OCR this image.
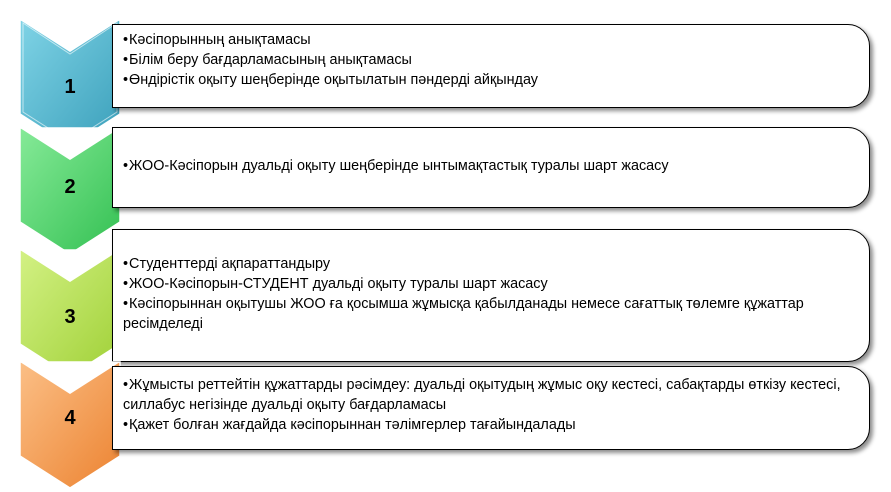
1
• Кәсіпорынның анықтамасы
• Білім беру бағдарламасының анықтамасы
• Өндірістік оқыту шеңберінде оқытылатын пәндерді айқындау
2
• ЖОО-Кәсіпорын дуальді оқыту шеңберінде ынтымақтастық туралы шарт жасасу
3
• Студенттерді ақпараттандыру
• ЖОО-Кәсіпорын-СТУДЕНТ дуальді оқыту туралы шарт жасасу
• Кәсіпорыннан оқытушы ЖОО ға қосымша жұмысқа қабылданады немесе сағаттық төлемге құжаттар ресімделеді
4
• Жұмысты реттейтін құжаттарды рәсімдеу: дуальді оқытудың жұмыс оқу кестесі, сабақтарды өткізу кестесі, силлабус негізінде дуальді оқыту бағдарламасы
• Қажет болған жағдайда кәсіпорыннан тәлімгерлер тағайындалады
